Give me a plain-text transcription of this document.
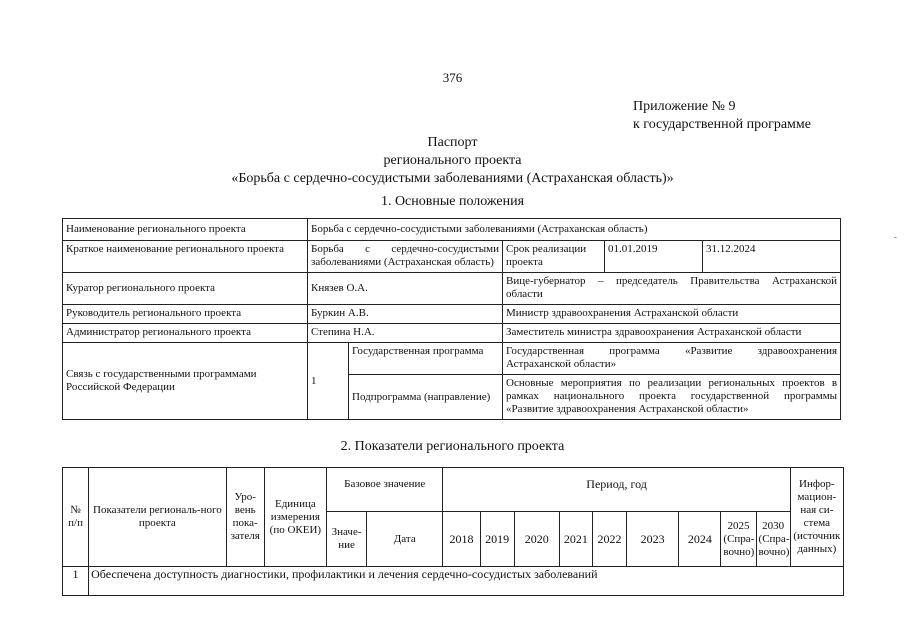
376
Приложение № 9
к государственной программе
Паспорт
регионального проекта
«Борьба с сердечно-сосудистыми заболеваниями (Астраханская область)»
1. Основные положения
-
Наименование регионального проекта	Борьба с сердечно-сосудистыми заболеваниями (Астраханская область)				
Краткое наименование регионального проекта	Борьба с сердечно-сосудистыми заболеваниями (Астраханская область)		Срок реализации проекта	01.01.2019	31.12.2024
Куратор регионального проекта	Князев О.А.		Вице-губернатор – председатель Правительства Астраханской области		
Руководитель регионального проекта	Буркин А.В.		Министр здравоохранения Астраханской области		
Администратор регионального проекта	Степина Н.А.		Заместитель министра здравоохранения Астраханской области		
Связь с государственными программами Российской Федерации	1	Государственная программа	Государственная программа «Развитие здравоохранения Астраханской области»		
		Подпрограмма (направление)	Основные мероприятия по реализации региональных проектов в рамках национального проекта государственной программы «Развитие здравоохранения Астраханской области»		
2. Показатели регионального проекта
№ п/п	Показатели региональ-ного проекта	Уро-вень пока-зателя	Единица измерения (по ОКЕИ)	Базовое значение		Период, год									Инфор-мацион-ная си-стема (источник данных)
				Значе-ние	Дата	2018	2019	2020	2021	2022	2023	2024	2025 (Спра-вочно)	2030 (Спра-вочно)	
1	Обеспечена доступность диагностики, профилактики и лечения сердечно-сосудистых заболеваний														
